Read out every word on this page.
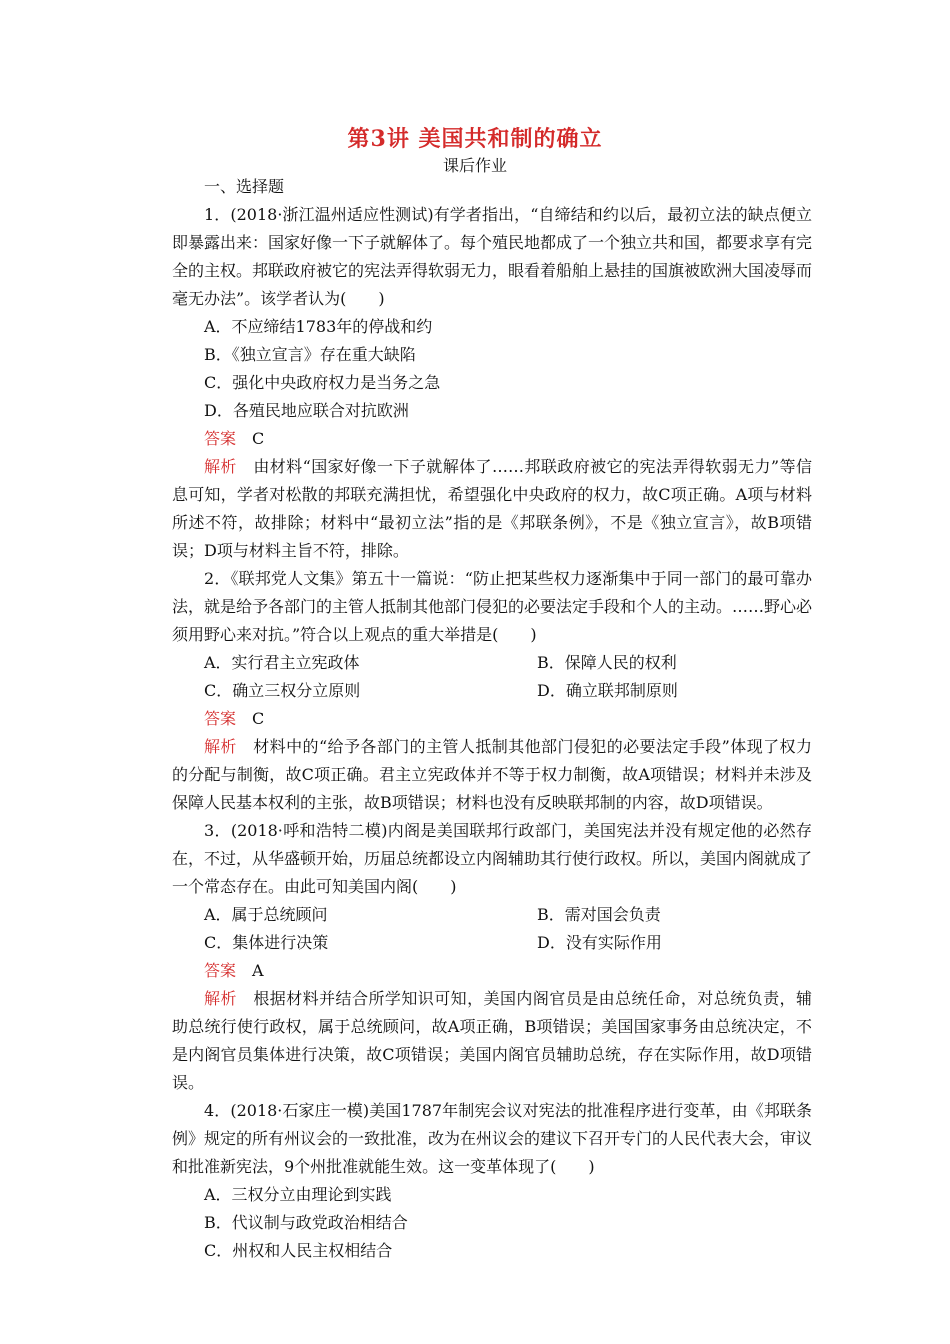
第3讲 美国共和制的确立
课后作业

一、选择题

1．(2018·浙江温州适应性测试)有学者指出，“自缔结和约以后，最初立法的缺点便立即暴露出来：国家好像一下子就解体了。每个殖民地都成了一个独立共和国，都要求享有完全的主权。邦联政府被它的宪法弄得软弱无力，眼看着船舶上悬挂的国旗被欧洲大国凌辱而毫无办法”。该学者认为(　　)

A．不应缔结1783年的停战和约

B．《独立宣言》存在重大缺陷

C．强化中央政府权力是当务之急

D．各殖民地应联合对抗欧洲

答案　 C

解析　 由材料“国家好像一下子就解体了……邦联政府被它的宪法弄得软弱无力”等信息可知，学者对松散的邦联充满担忧，希望强化中央政府的权力，故C项正确。A项与材料所述不符，故排除；材料中“最初立法”指的是《邦联条例》，不是《独立宣言》，故B项错误；D项与材料主旨不符，排除。

2．《联邦党人文集》第五十一篇说：“防止把某些权力逐渐集中于同一部门的最可靠办法，就是给予各部门的主管人抵制其他部门侵犯的必要法定手段和个人的主动。……野心必须用野心来对抗。”符合以上观点的重大举措是(　　)

A．实行君主立宪政体	B．保障人民的权利
C．确立三权分立原则	D．确立联邦制原则

答案　 C

解析　 材料中的“给予各部门的主管人抵制其他部门侵犯的必要法定手段”体现了权力的分配与制衡，故C项正确。君主立宪政体并不等于权力制衡，故A项错误；材料并未涉及保障人民基本权利的主张，故B项错误；材料也没有反映联邦制的内容，故D项错误。

3．(2018·呼和浩特二模)内阁是美国联邦行政部门，美国宪法并没有规定他的必然存在，不过，从华盛顿开始，历届总统都设立内阁辅助其行使行政权。所以，美国内阁就成了一个常态存在。由此可知美国内阁(　　)

A．属于总统顾问	B．需对国会负责
C．集体进行决策	D．没有实际作用

答案　 A

解析　 根据材料并结合所学知识可知，美国内阁官员是由总统任命，对总统负责，辅助总统行使行政权，属于总统顾问，故A项正确，B项错误；美国国家事务由总统决定，不是内阁官员集体进行决策，故C项错误；美国内阁官员辅助总统，存在实际作用，故D项错误。

4．(2018·石家庄一模)美国1787年制宪会议对宪法的批准程序进行变革，由《邦联条例》规定的所有州议会的一致批准，改为在州议会的建议下召开专门的人民代表大会，审议和批准新宪法，9个州批准就能生效。这一变革体现了(　　)

A．三权分立由理论到实践

B．代议制与政党政治相结合

C．州权和人民主权相结合
